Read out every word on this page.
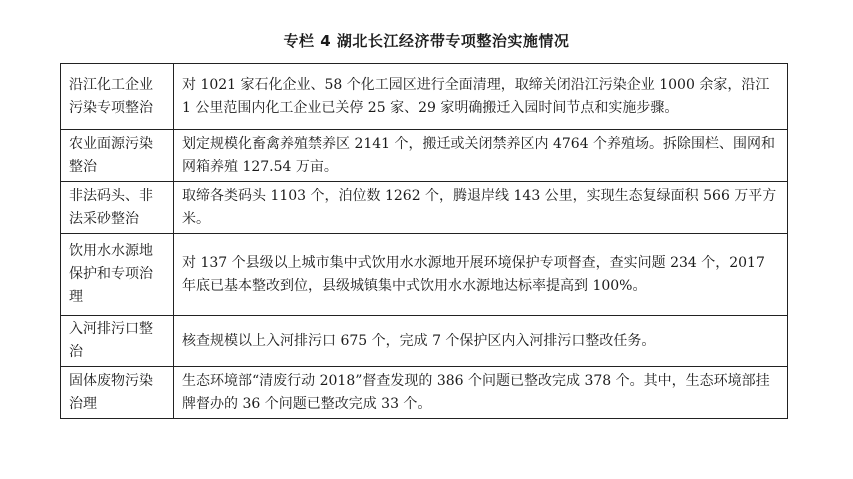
专栏 4 湖北长江经济带专项整治实施情况
沿江化工企业污染专项整治	对 1021 家石化企业、58 个化工园区进行全面清理，取缔关闭沿江污染企业 1000 余家，沿江 1 公里范围内化工企业已关停 25 家、29 家明确搬迁入园时间节点和实施步骤。
农业面源污染整治	划定规模化畜禽养殖禁养区 2141 个，搬迁或关闭禁养区内 4764 个养殖场。拆除围栏、围网和网箱养殖 127.54 万亩。
非法码头、非法采砂整治	取缔各类码头 1103 个，泊位数 1262 个，腾退岸线 143 公里，实现生态复绿面积 566 万平方米。
饮用水水源地保护和专项治理	对 137 个县级以上城市集中式饮用水水源地开展环境保护专项督查，查实问题 234 个，2017 年底已基本整改到位，县级城镇集中式饮用水水源地达标率提高到 100%。
入河排污口整治	核查规模以上入河排污口 675 个，完成 7 个保护区内入河排污口整改任务。
固体废物污染治理	生态环境部“清废行动 2018”督查发现的 386 个问题已整改完成 378 个。其中，生态环境部挂牌督办的 36 个问题已整改完成 33 个。
